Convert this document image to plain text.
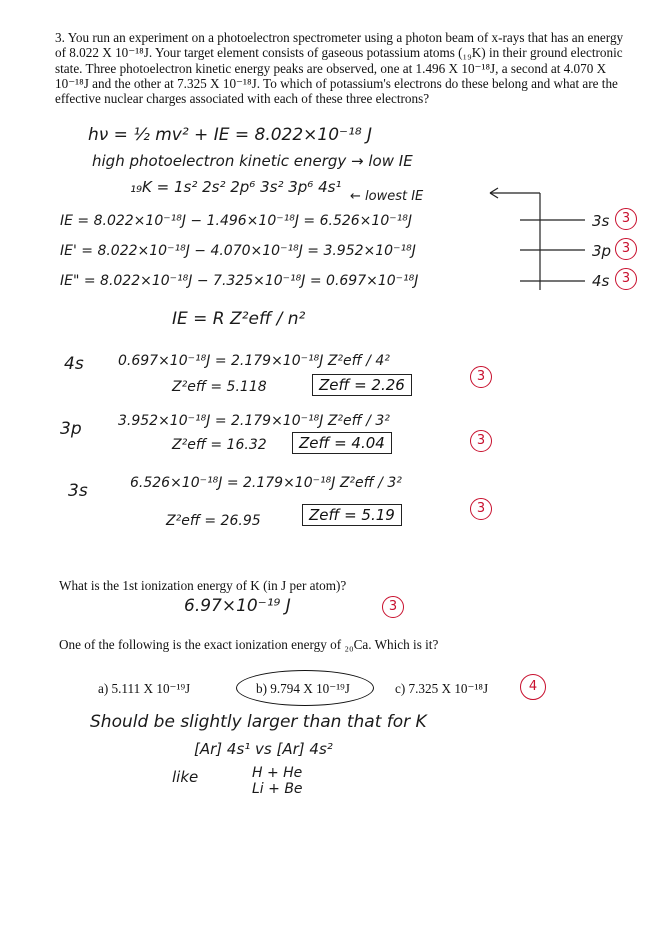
3. You run an experiment on a photoelectron spectrometer using a photon beam of x-rays that has an energy of 8.022 X 10⁻¹⁸J. Your target element consists of gaseous potassium atoms (₁₉K) in their ground electronic state. Three photoelectron kinetic energy peaks are observed, one at 1.496 X 10⁻¹⁸J, a second at 4.070 X 10⁻¹⁸J and the other at 7.325 X 10⁻¹⁸J. To which of potassium's electrons do these belong and what are the effective nuclear charges associated with each of these three electrons?
hν = ½ mv² + IE = 8.022×10⁻¹⁸ J
high photoelectron kinetic energy → low IE
₁₉K = 1s² 2s² 2p⁶ 3s² 3p⁶ 4s¹
← lowest IE
IE = 8.022×10⁻¹⁸J − 1.496×10⁻¹⁸J = 6.526×10⁻¹⁸J
IE' = 8.022×10⁻¹⁸J − 4.070×10⁻¹⁸J = 3.952×10⁻¹⁸J
IE" = 8.022×10⁻¹⁸J − 7.325×10⁻¹⁸J = 0.697×10⁻¹⁸J
3s
3p
4s
3
3
3
IE = R Z²eff / n²
4s 0.697×10⁻¹⁸J = 2.179×10⁻¹⁸J Z²eff / 4²
Z²eff = 5.118	Zeff = 2.26	3
3p	3.952×10⁻¹⁸J = 2.179×10⁻¹⁸J Z²eff / 3²
Z²eff = 16.32	Zeff = 4.04	3
3s	6.526×10⁻¹⁸J = 2.179×10⁻¹⁸J Z²eff / 3²
Z²eff = 26.95	Zeff = 5.19	3
What is the 1st ionization energy of K (in J per atom)?
6.97×10⁻¹⁹ J	3
One of the following is the exact ionization energy of ₂₀Ca. Which is it?
a) 5.111 X 10⁻¹⁹J	b) 9.794 X 10⁻¹⁹J	c) 7.325 X 10⁻¹⁸J	4
Should be slightly larger than that for K
[Ar] 4s¹ vs [Ar] 4s²
like	H + He
Li + Be
